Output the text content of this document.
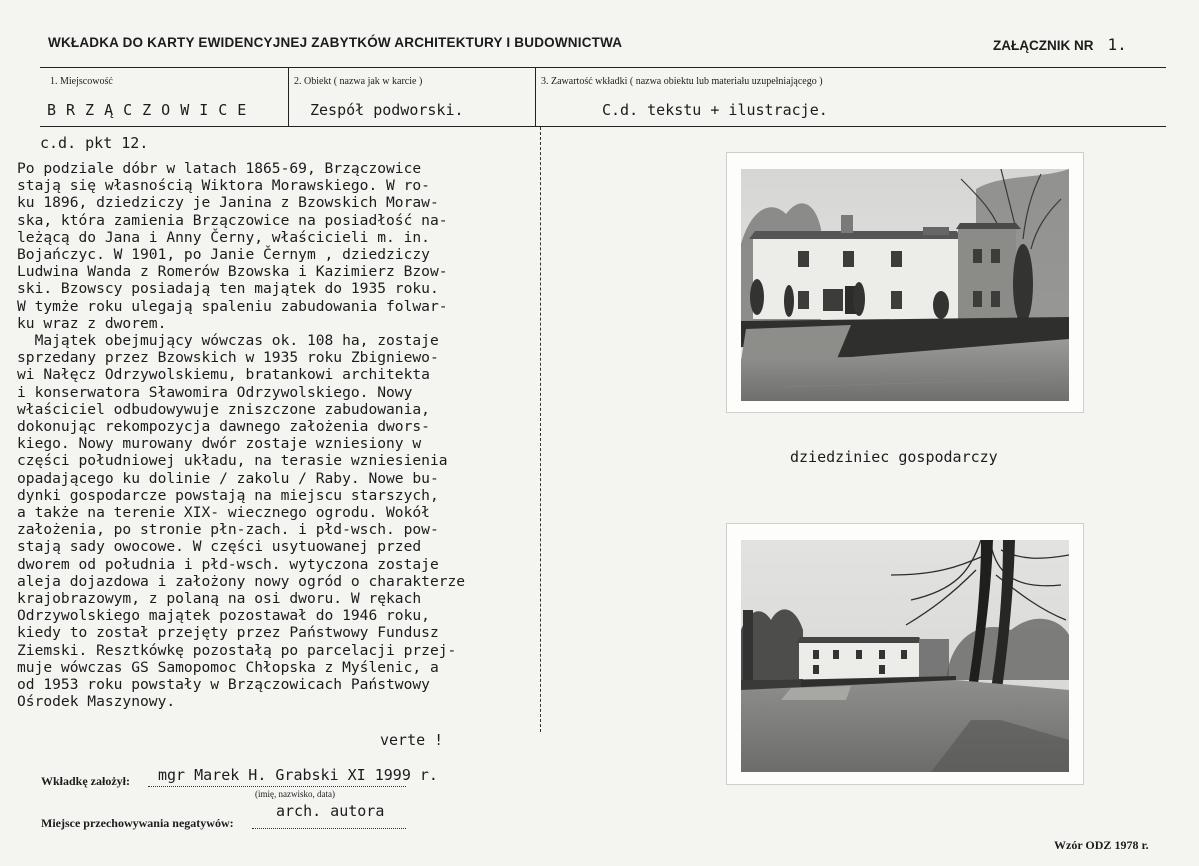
WKŁADKA DO KARTY EWIDENCYJNEJ ZABYTKÓW ARCHITEKTURY I BUDOWNICTWA	ZAŁĄCZNIK NR 1.
1. Miejscowość	2. Obiekt ( nazwa jak w karcie )	3. Zawartość wkładki ( nazwa obiektu lub materiału uzupełniającego )
BRZĄCZOWICE	Zespół podworski.	C.d. tekstu + ilustracje.
c.d. pkt 12.
Po podziale dóbr w latach 1865-69, Brzączowice
stają się własnością Wiktora Morawskiego. W ro-
ku 1896, dziedziczy je Janina z Bzowskich Moraw-
ska, która zamienia Brzączowice na posiadłość na-
leżącą do Jana i Anny Černy, właścicieli m. in.
Bojańczyc. W 1901, po Janie Černym , dziedziczy
Ludwina Wanda z Romerów Bzowska i Kazimierz Bzow-
ski. Bzowscy posiadają ten majątek do 1935 roku.
W tymże roku ulegają spaleniu zabudowania folwar-
ku wraz z dworem.
Majątek obejmujący wówczas ok. 108 ha, zostaje
sprzedany przez Bzowskich w 1935 roku Zbigniewo-
wi Nałęcz Odrzywolskiemu, bratankowi architekta
i konserwatora Sławomira Odrzywolskiego. Nowy
właściciel odbudowywuje zniszczone zabudowania,
dokonując rekompozycja dawnego założenia dwors-
kiego. Nowy murowany dwór zostaje wzniesiony w
części południowej układu, na terasie wzniesienia
opadającego ku dolinie / zakolu / Raby. Nowe bu-
dynki gospodarcze powstają na miejscu starszych,
a także na terenie XIX- wiecznego ogrodu. Wokół
założenia, po stronie płn-zach. i płd-wsch. pow-
stają sady owocowe. W części usytuowanej przed
dworem od południa i płd-wsch. wytyczona zostaje
aleja dojazdowa i założony nowy ogród o charakterze
krajobrazowym, z polaną na osi dworu. W rękach
Odrzywolskiego majątek pozostawał do 1946 roku,
kiedy to został przejęty przez Państwowy Fundusz
Ziemski. Resztkówkę pozostałą po parcelacji przej-
muje wówczas GS Samopomoc Chłopska z Myślenic, a
od 1953 roku powstały w Brzączowicach Państwowy
Ośrodek Maszynowy.
verte !
dziedziniec gospodarczy
Wkładkę założył: mgr Marek H. Grabski XI 1999 r.
(imię, nazwisko, data)
Miejsce przechowywania negatywów:
arch. autora
Wzór ODZ 1978 r.
